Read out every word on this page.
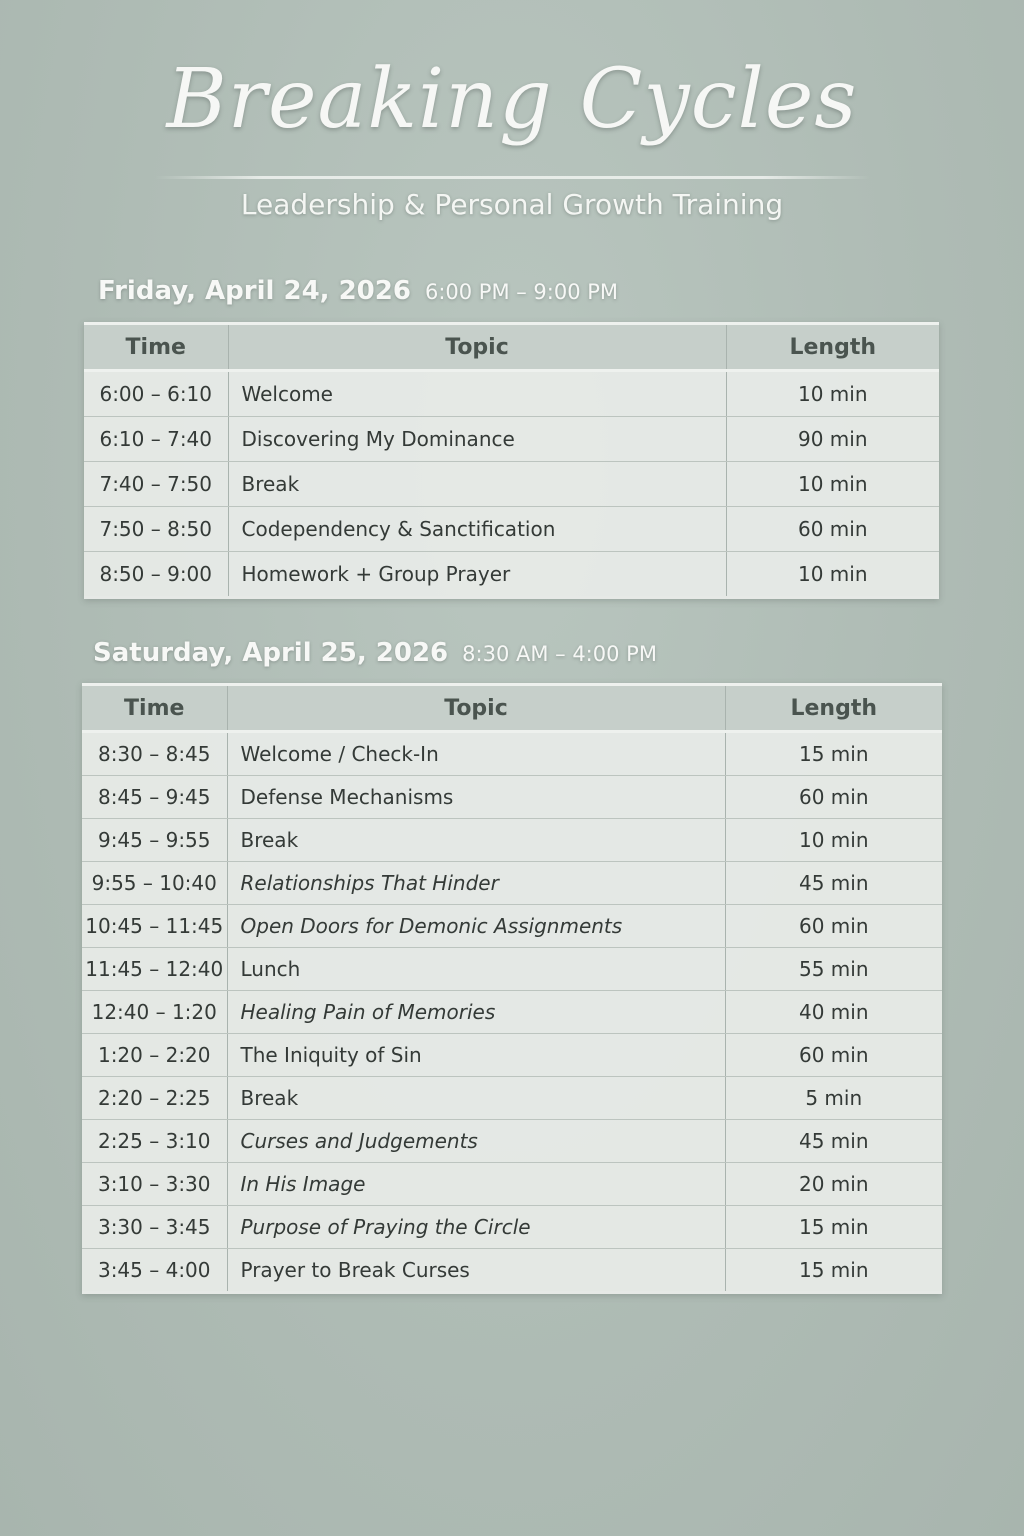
Breaking Cycles
Leadership & Personal Growth Training
Friday, April 24, 2026 6:00 PM – 9:00 PM
Time	Topic	Length
6:00 – 6:10	Welcome	10 min
6:10 – 7:40	Discovering My Dominance	90 min
7:40 – 7:50	Break	10 min
7:50 – 8:50	Codependency & Sanctification	60 min
8:50 – 9:00	Homework + Group Prayer	10 min
Saturday, April 25, 2026 8:30 AM – 4:00 PM
Time	Topic	Length
8:30 – 8:45	Welcome / Check-In	15 min
8:45 – 9:45	Defense Mechanisms	60 min
9:45 – 9:55	Break	10 min
9:55 – 10:40	Relationships That Hinder	45 min
10:45 – 11:45	Open Doors for Demonic Assignments	60 min
11:45 – 12:40	Lunch	55 min
12:40 – 1:20	Healing Pain of Memories	40 min
1:20 – 2:20	The Iniquity of Sin	60 min
2:20 – 2:25	Break	5 min
2:25 – 3:10	Curses and Judgements	45 min
3:10 – 3:30	In His Image	20 min
3:30 – 3:45	Purpose of Praying the Circle	15 min
3:45 – 4:00	Prayer to Break Curses	15 min
